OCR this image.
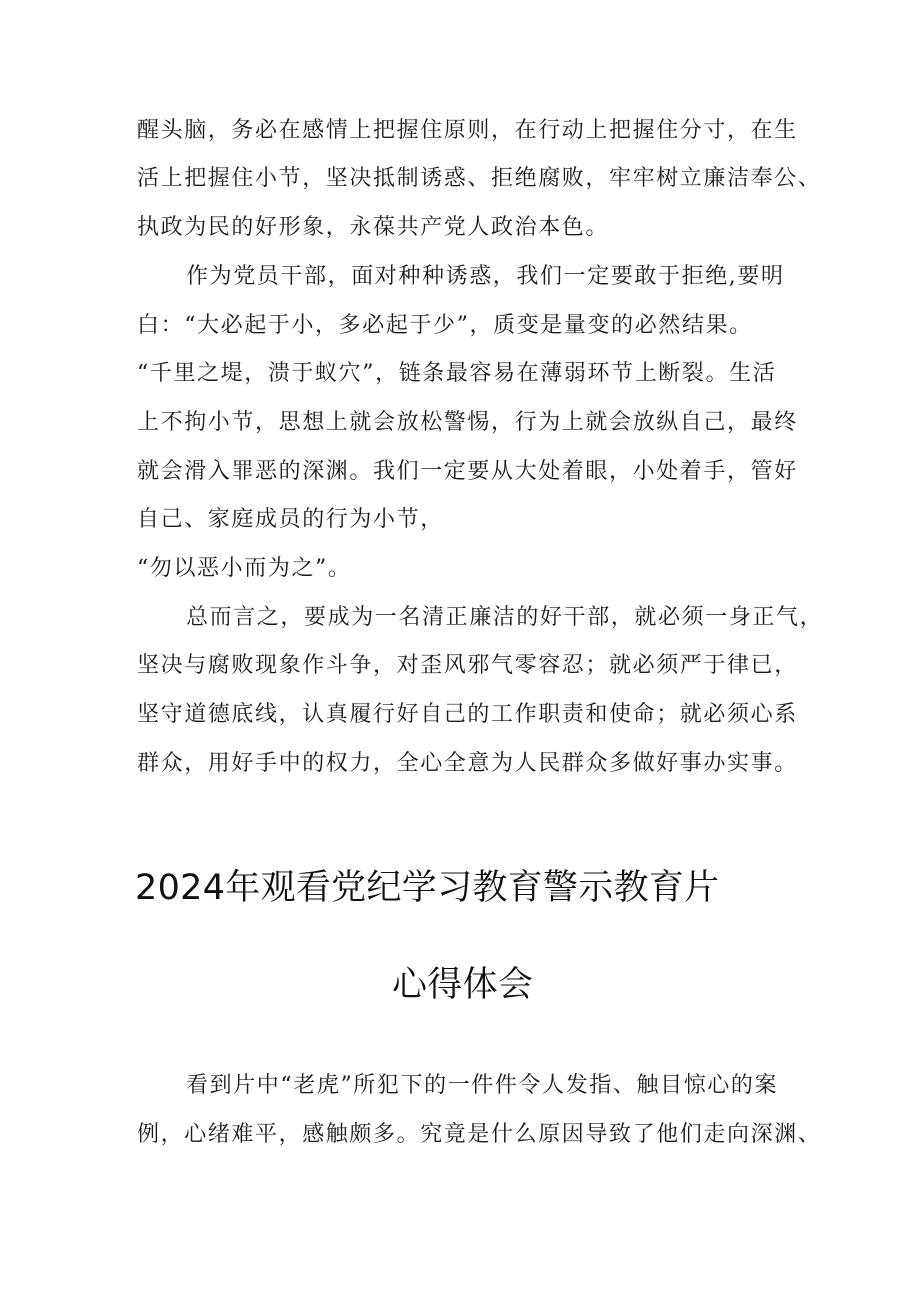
醒头脑，务必在感情上把握住原则，在行动上把握住分寸，在生
活上把握住小节，坚决抵制诱惑、拒绝腐败，牢牢树立廉洁奉公、
执政为民的好形象，永葆共产党人政治本色。
作为党员干部，面对种种诱惑，我们一定要敢于拒绝,要明
白：“大必起于小，多必起于少”，质变是量变的必然结果。
“千里之堤，溃于蚁穴”，链条最容易在薄弱环节上断裂。生活
上不拘小节，思想上就会放松警惕，行为上就会放纵自己，最终
就会滑入罪恶的深渊。我们一定要从大处着眼，小处着手，管好
自己、家庭成员的行为小节，
“勿以恶小而为之”。
总而言之，要成为一名清正廉洁的好干部，就必须一身正气，
坚决与腐败现象作斗争，对歪风邪气零容忍；就必须严于律已，
坚守道德底线，认真履行好自己的工作职责和使命；就必须心系
群众，用好手中的权力，全心全意为人民群众多做好事办实事。
2024年观看党纪学习教育警示教育片
心得体会
看到片中“老虎”所犯下的一件件令人发指、触目惊心的案
例，心绪难平，感触颇多。究竟是什么原因导致了他们走向深渊、
